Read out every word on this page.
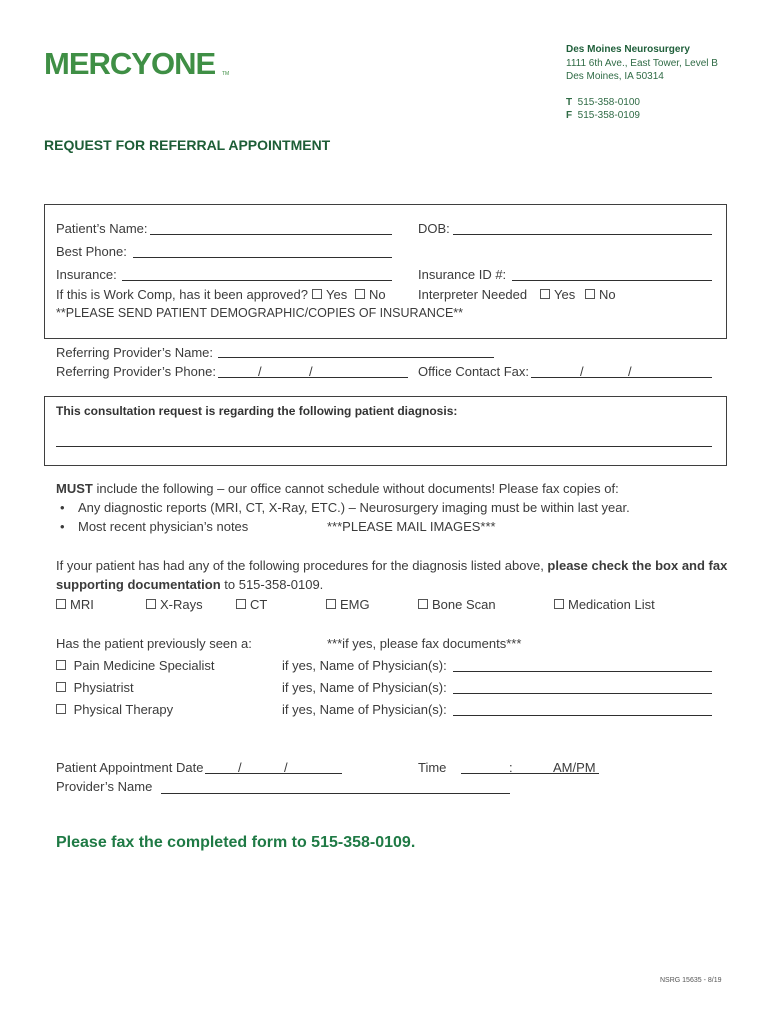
MERCYONE TM
Des Moines Neurosurgery
1111 6th Ave., East Tower, Level B
Des Moines, IA 50314
T 515-358-0100
F 515-358-0109
REQUEST FOR REFERRAL APPOINTMENT
Patient’s Name:	DOB:
Best Phone:
Insurance:	Insurance ID #:
If this is Work Comp, has it been approved?	Yes	No Interpreter Needed	Yes	No
**PLEASE SEND PATIENT DEMOGRAPHIC/COPIES OF INSURANCE**
Referring Provider’s Name:
Referring Provider’s Phone:	/	/	Office Contact Fax:	/	/
This consultation request is regarding the following patient diagnosis:
MUST include the following – our office cannot schedule without documents! Please fax copies of:
• Any diagnostic reports (MRI, CT, X-Ray, ETC.) – Neurosurgery imaging must be within last year.
• Most recent physician’s notes	***PLEASE MAIL IMAGES***
If your patient has had any of the following procedures for the diagnosis listed above, please check the box and fax
supporting documentation to 515-358-0109.
MRI	X-Rays	CT	EMG	Bone Scan	Medication List
Has the patient previously seen a:	***if yes, please fax documents***
Pain Medicine Specialist	if yes, Name of Physician(s):
Physiatrist	if yes, Name of Physician(s):
Physical Therapy	if yes, Name of Physician(s):
Patient Appointment Date	/	/	Time	:	AM/PM
Provider’s Name
Please fax the completed form to 515-358-0109.
NSRG 15635 - 8/19
